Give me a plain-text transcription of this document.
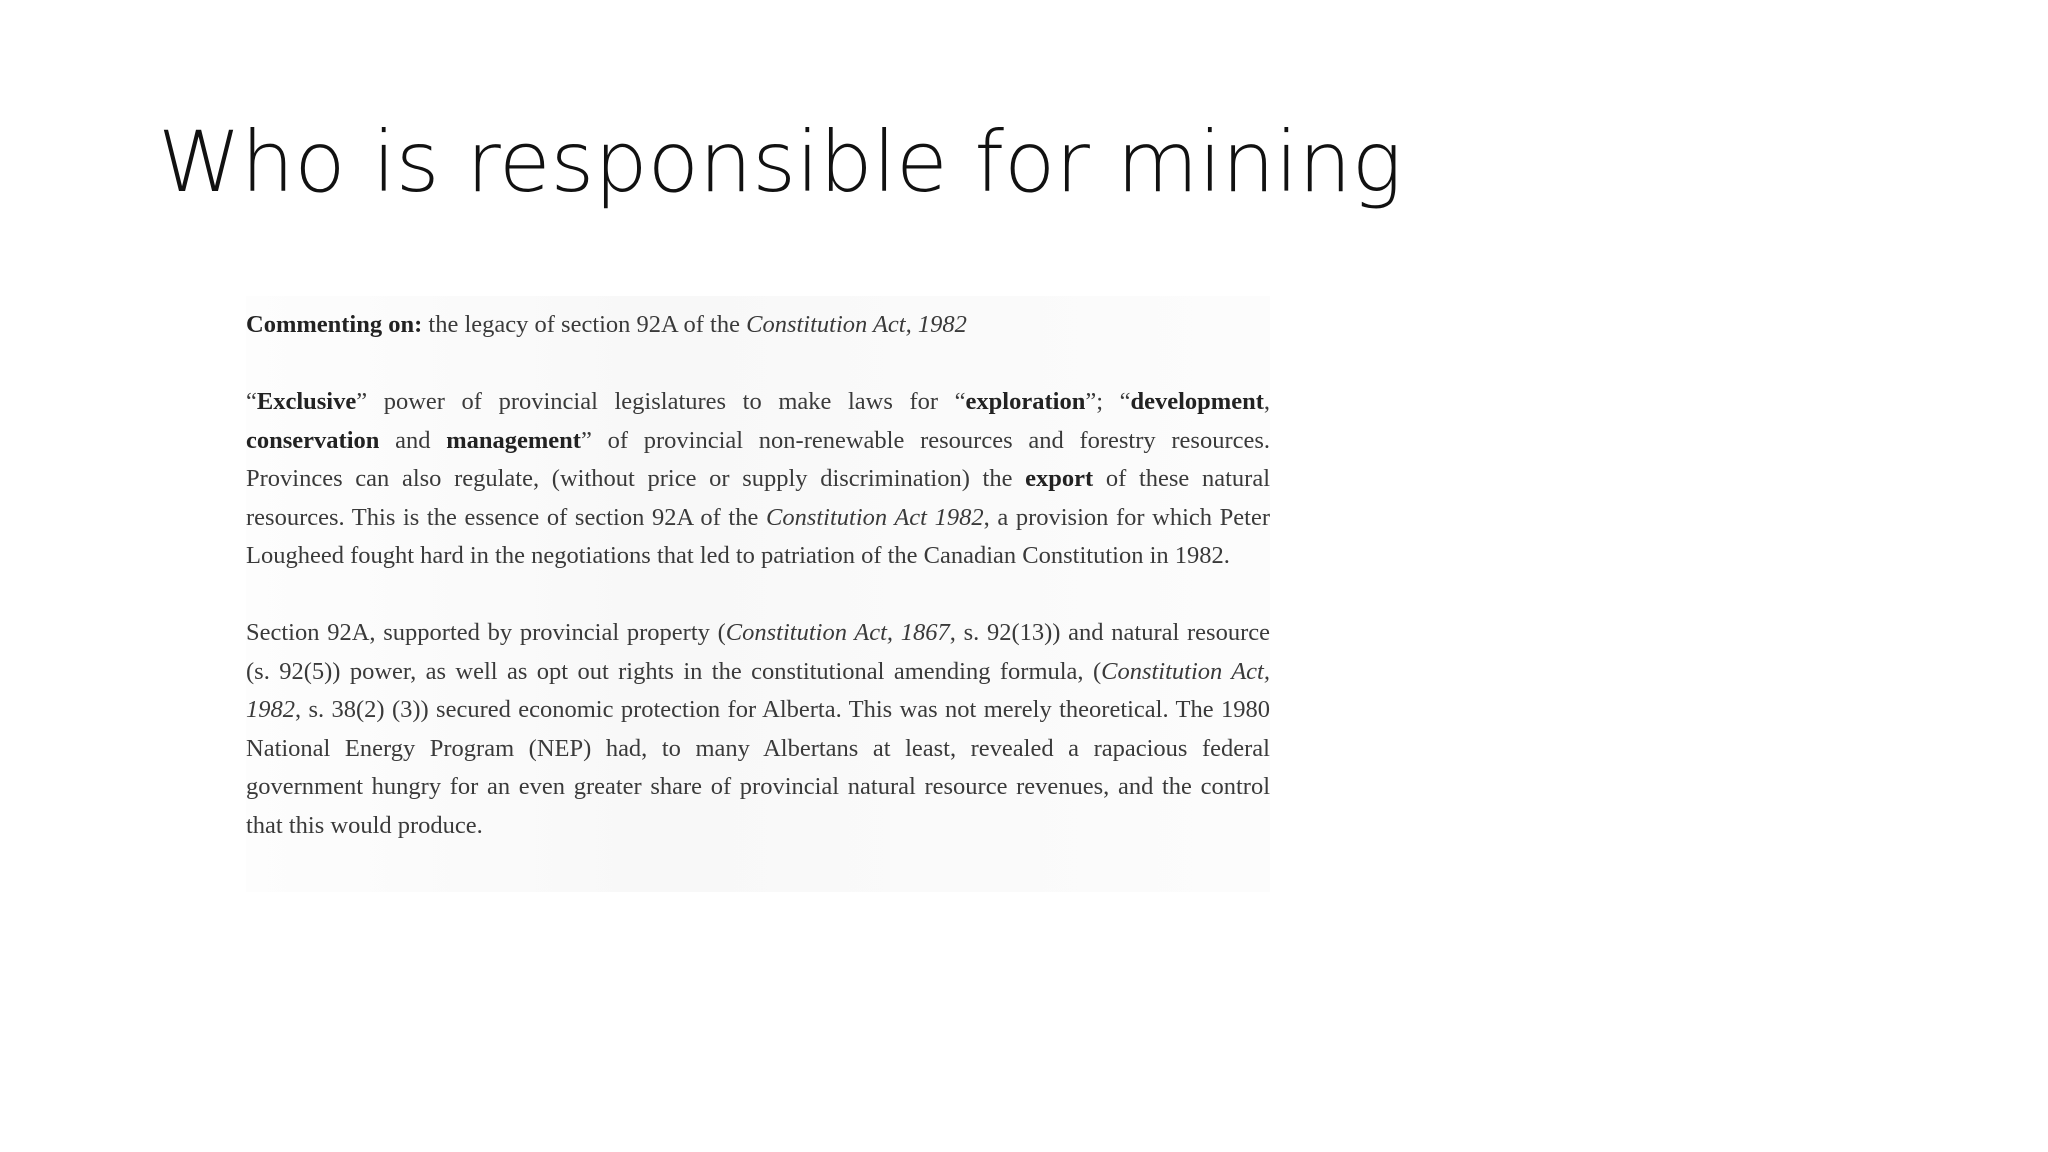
Who is responsible for mining

Commenting on: the legacy of section 92A of the Constitution Act, 1982

“Exclusive” power of provincial legislatures to make laws for “exploration”; “development, conservation and management” of provincial non-renewable resources and forestry resources. Provinces can also regulate, (without price or supply discrimination) the export of these natural resources. This is the essence of section 92A of the Constitution Act 1982, a provision for which Peter Lougheed fought hard in the negotiations that led to patriation of the Canadian Constitution in 1982.

Section 92A, supported by provincial property (Constitution Act, 1867, s. 92(13)) and natural resource (s. 92(5)) power, as well as opt out rights in the constitutional amending formula, (Constitution Act, 1982, s. 38(2) (3)) secured economic protection for Alberta. This was not merely theoretical. The 1980 National Energy Program (NEP) had, to many Albertans at least, revealed a rapacious federal government hungry for an even greater share of provincial natural resource revenues, and the control that this would produce.
